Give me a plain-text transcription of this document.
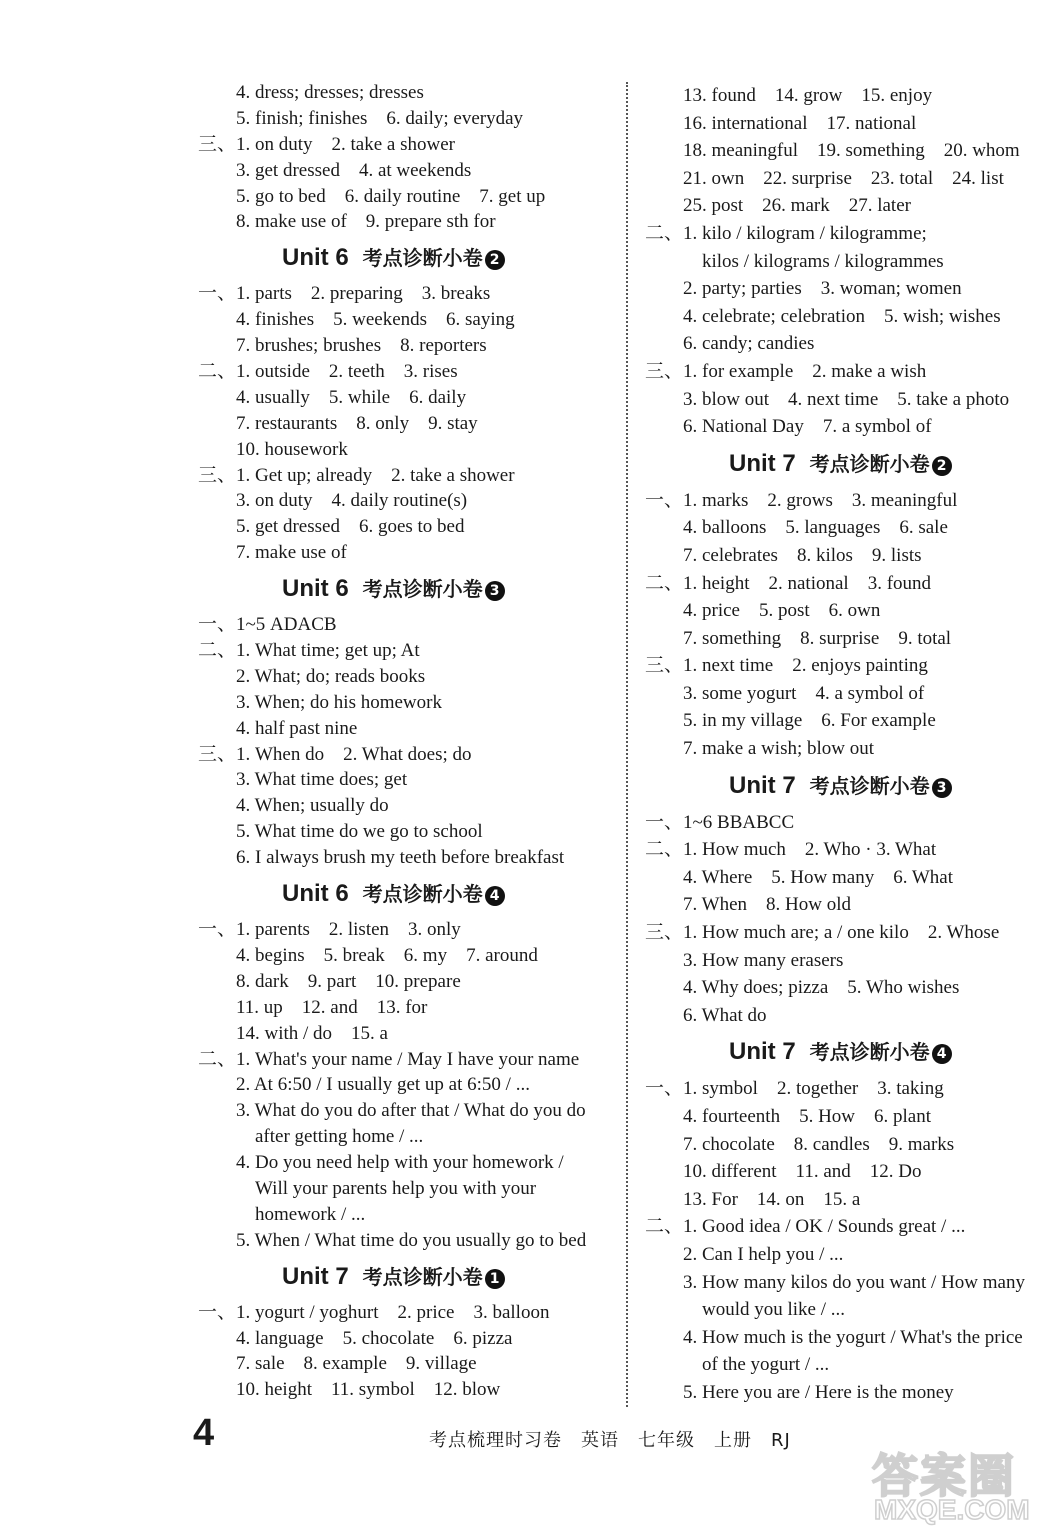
　　4. dress; dresses; dresses
　　5. finish; finishes　6. daily; everyday
三、1. on duty　2. take a shower
　　3. get dressed　4. at weekends
　　5. go to bed　6. daily routine　7. get up
　　8. make use of　9. prepare sth for
Unit 6 考点诊断小卷 2
一、1. parts　2. preparing　3. breaks
　　4. finishes　5. weekends　6. saying
　　7. brushes; brushes　8. reporters
二、1. outside　2. teeth　3. rises
　　4. usually　5. while　6. daily
　　7. restaurants　8. only　9. stay
　　10. housework
三、1. Get up; already　2. take a shower
　　3. on duty　4. daily routine(s)
　　5. get dressed　6. goes to bed
　　7. make use of
Unit 6 考点诊断小卷 3
一、1~5 ADACB
二、1. What time; get up; At
　　2. What; do; reads books
　　3. When; do his homework
　　4. half past nine
三、1. When do　2. What does; do
　　3. What time does; get
　　4. When; usually do
　　5. What time do we go to school
　　6. I always brush my teeth before breakfast
Unit 6 考点诊断小卷 4
一、1. parents　2. listen　3. only
　　4. begins　5. break　6. my　7. around
　　8. dark　9. part　10. prepare
　　11. up　12. and　13. for
　　14. with / do　15. a
二、1. What's your name / May I have your name
　　2. At 6:50 / I usually get up at 6:50 / ...
　　3. What do you do after that / What do you do
　　　after getting home / ...
　　4. Do you need help with your homework /
　　　Will your parents help you with your
　　　homework / ...
　　5. When / What time do you usually go to bed
Unit 7 考点诊断小卷 1
一、1. yogurt / yoghurt　2. price　3. balloon
　　4. language　5. chocolate　6. pizza
　　7. sale　8. example　9. village
　　10. height　11. symbol　12. blow
　　13. found　14. grow　15. enjoy
　　16. international　17. national
　　18. meaningful　19. something　20. whom
　　21. own　22. surprise　23. total　24. list
　　25. post　26. mark　27. later
二、1. kilo / kilogram / kilogramme;
　　　kilos / kilograms / kilogrammes
　　2. party; parties　3. woman; women
　　4. celebrate; celebration　5. wish; wishes
　　6. candy; candies
三、1. for example　2. make a wish
　　3. blow out　4. next time　5. take a photo
　　6. National Day　7. a symbol of
Unit 7 考点诊断小卷 2
一、1. marks　2. grows　3. meaningful
　　4. balloons　5. languages　6. sale
　　7. celebrates　8. kilos　9. lists
二、1. height　2. national　3. found
　　4. price　5. post　6. own
　　7. something　8. surprise　9. total
三、1. next time　2. enjoys painting
　　3. some yogurt　4. a symbol of
　　5. in my village　6. For example
　　7. make a wish; blow out
Unit 7 考点诊断小卷 3
一、1~6 BBABCC
二、1. How much　2. Who · 3. What
　　4. Where　5. How many　6. What
　　7. When　8. How old
三、1. How much are; a / one kilo　2. Whose
　　3. How many erasers
　　4. Why does; pizza　5. Who wishes
　　6. What do
Unit 7 考点诊断小卷 4
一、1. symbol　2. together　3. taking
　　4. fourteenth　5. How　6. plant
　　7. chocolate　8. candles　9. marks
　　10. different　11. and　12. Do
　　13. For　14. on　15. a
二、1. Good idea / OK / Sounds great / ...
　　2. Can I help you / ...
　　3. How many kilos do you want / How many
　　　would you like / ...
　　4. How much is the yogurt / What's the price
　　　of the yogurt / ...
　　5. Here you are / Here is the money
4	考点梳理时习卷　英语　七年级　上册　RJ
答案圈
MXQE.COM
